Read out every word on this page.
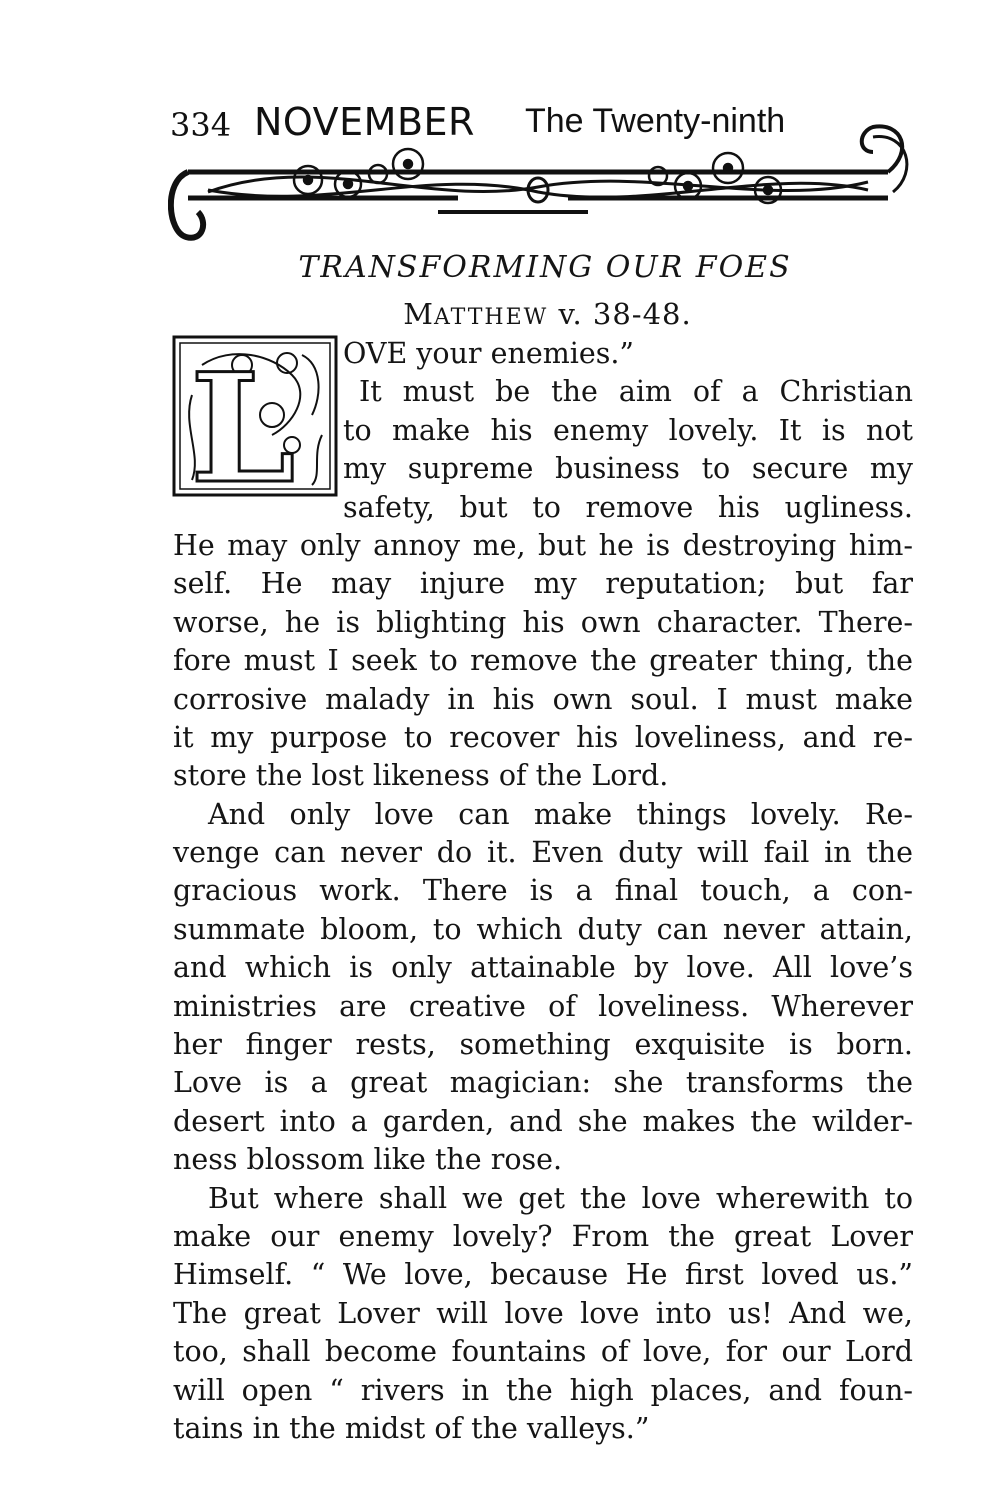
334 NOVEMBER The Twenty-ninth
TRANSFORMING OUR FOES
MATTHEW v. 38-48.
L OVE your enemies.”
It must be the aim of a Christian
to make his enemy lovely. It is not
my supreme business to secure my
safety, but to remove his ugliness.
He may only annoy me, but he is destroying him-
self. He may injure my reputation; but far
worse, he is blighting his own character. There-
fore must I seek to remove the greater thing, the
corrosive malady in his own soul. I must make
it my purpose to recover his loveliness, and re-
store the lost likeness of the Lord.
And only love can make things lovely. Re-
venge can never do it. Even duty will fail in the
gracious work. There is a final touch, a con-
summate bloom, to which duty can never attain,
and which is only attainable by love. All love’s
ministries are creative of loveliness. Wherever
her finger rests, something exquisite is born.
Love is a great magician: she transforms the
desert into a garden, and she makes the wilder-
ness blossom like the rose.
But where shall we get the love wherewith to
make our enemy lovely? From the great Lover
Himself. “ We love, because He first loved us.”
The great Lover will love love into us! And we,
too, shall become fountains of love, for our Lord
will open “ rivers in the high places, and foun-
tains in the midst of the valleys.”
